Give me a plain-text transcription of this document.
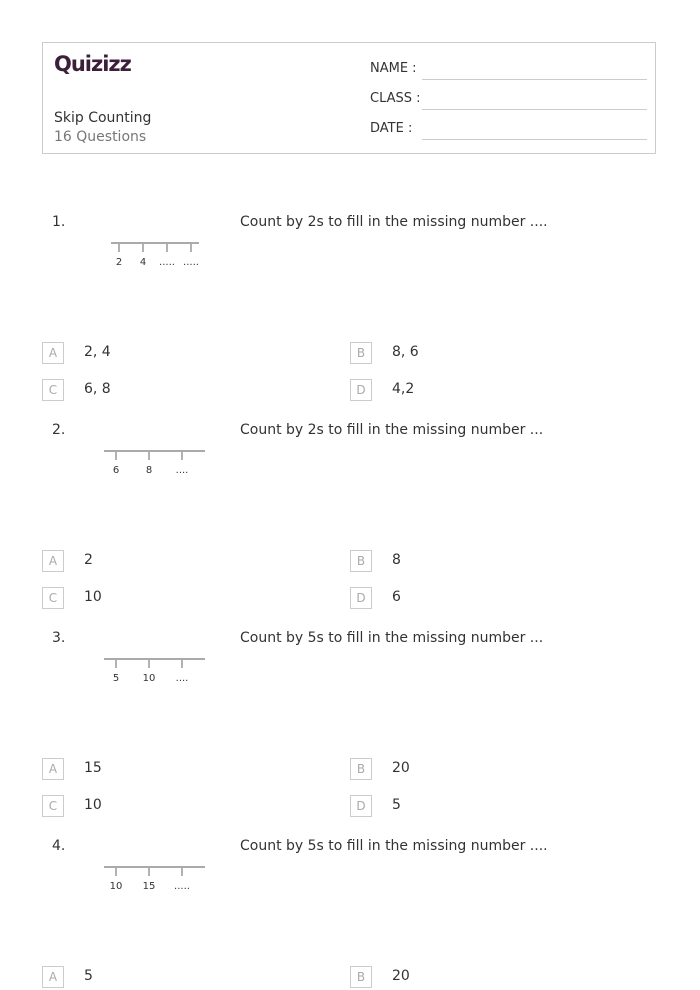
Quizizz
Skip Counting
16 Questions
NAME :
CLASS :
DATE :
1.	Count by 2s to fill in the missing number ....
2 4 ..... .....
A	2, 4	B	8, 6
C	6, 8	D	4,2
2.	Count by 2s to fill in the missing number ...
6	8 ....
A	2	B	8
C	10	D	6
3.	Count by 5s to fill in the missing number ...
5 10 ....
A	15	B	20
C	10	D	5
4.	Count by 5s to fill in the missing number ....
10 15 .....
A	5	B	20
